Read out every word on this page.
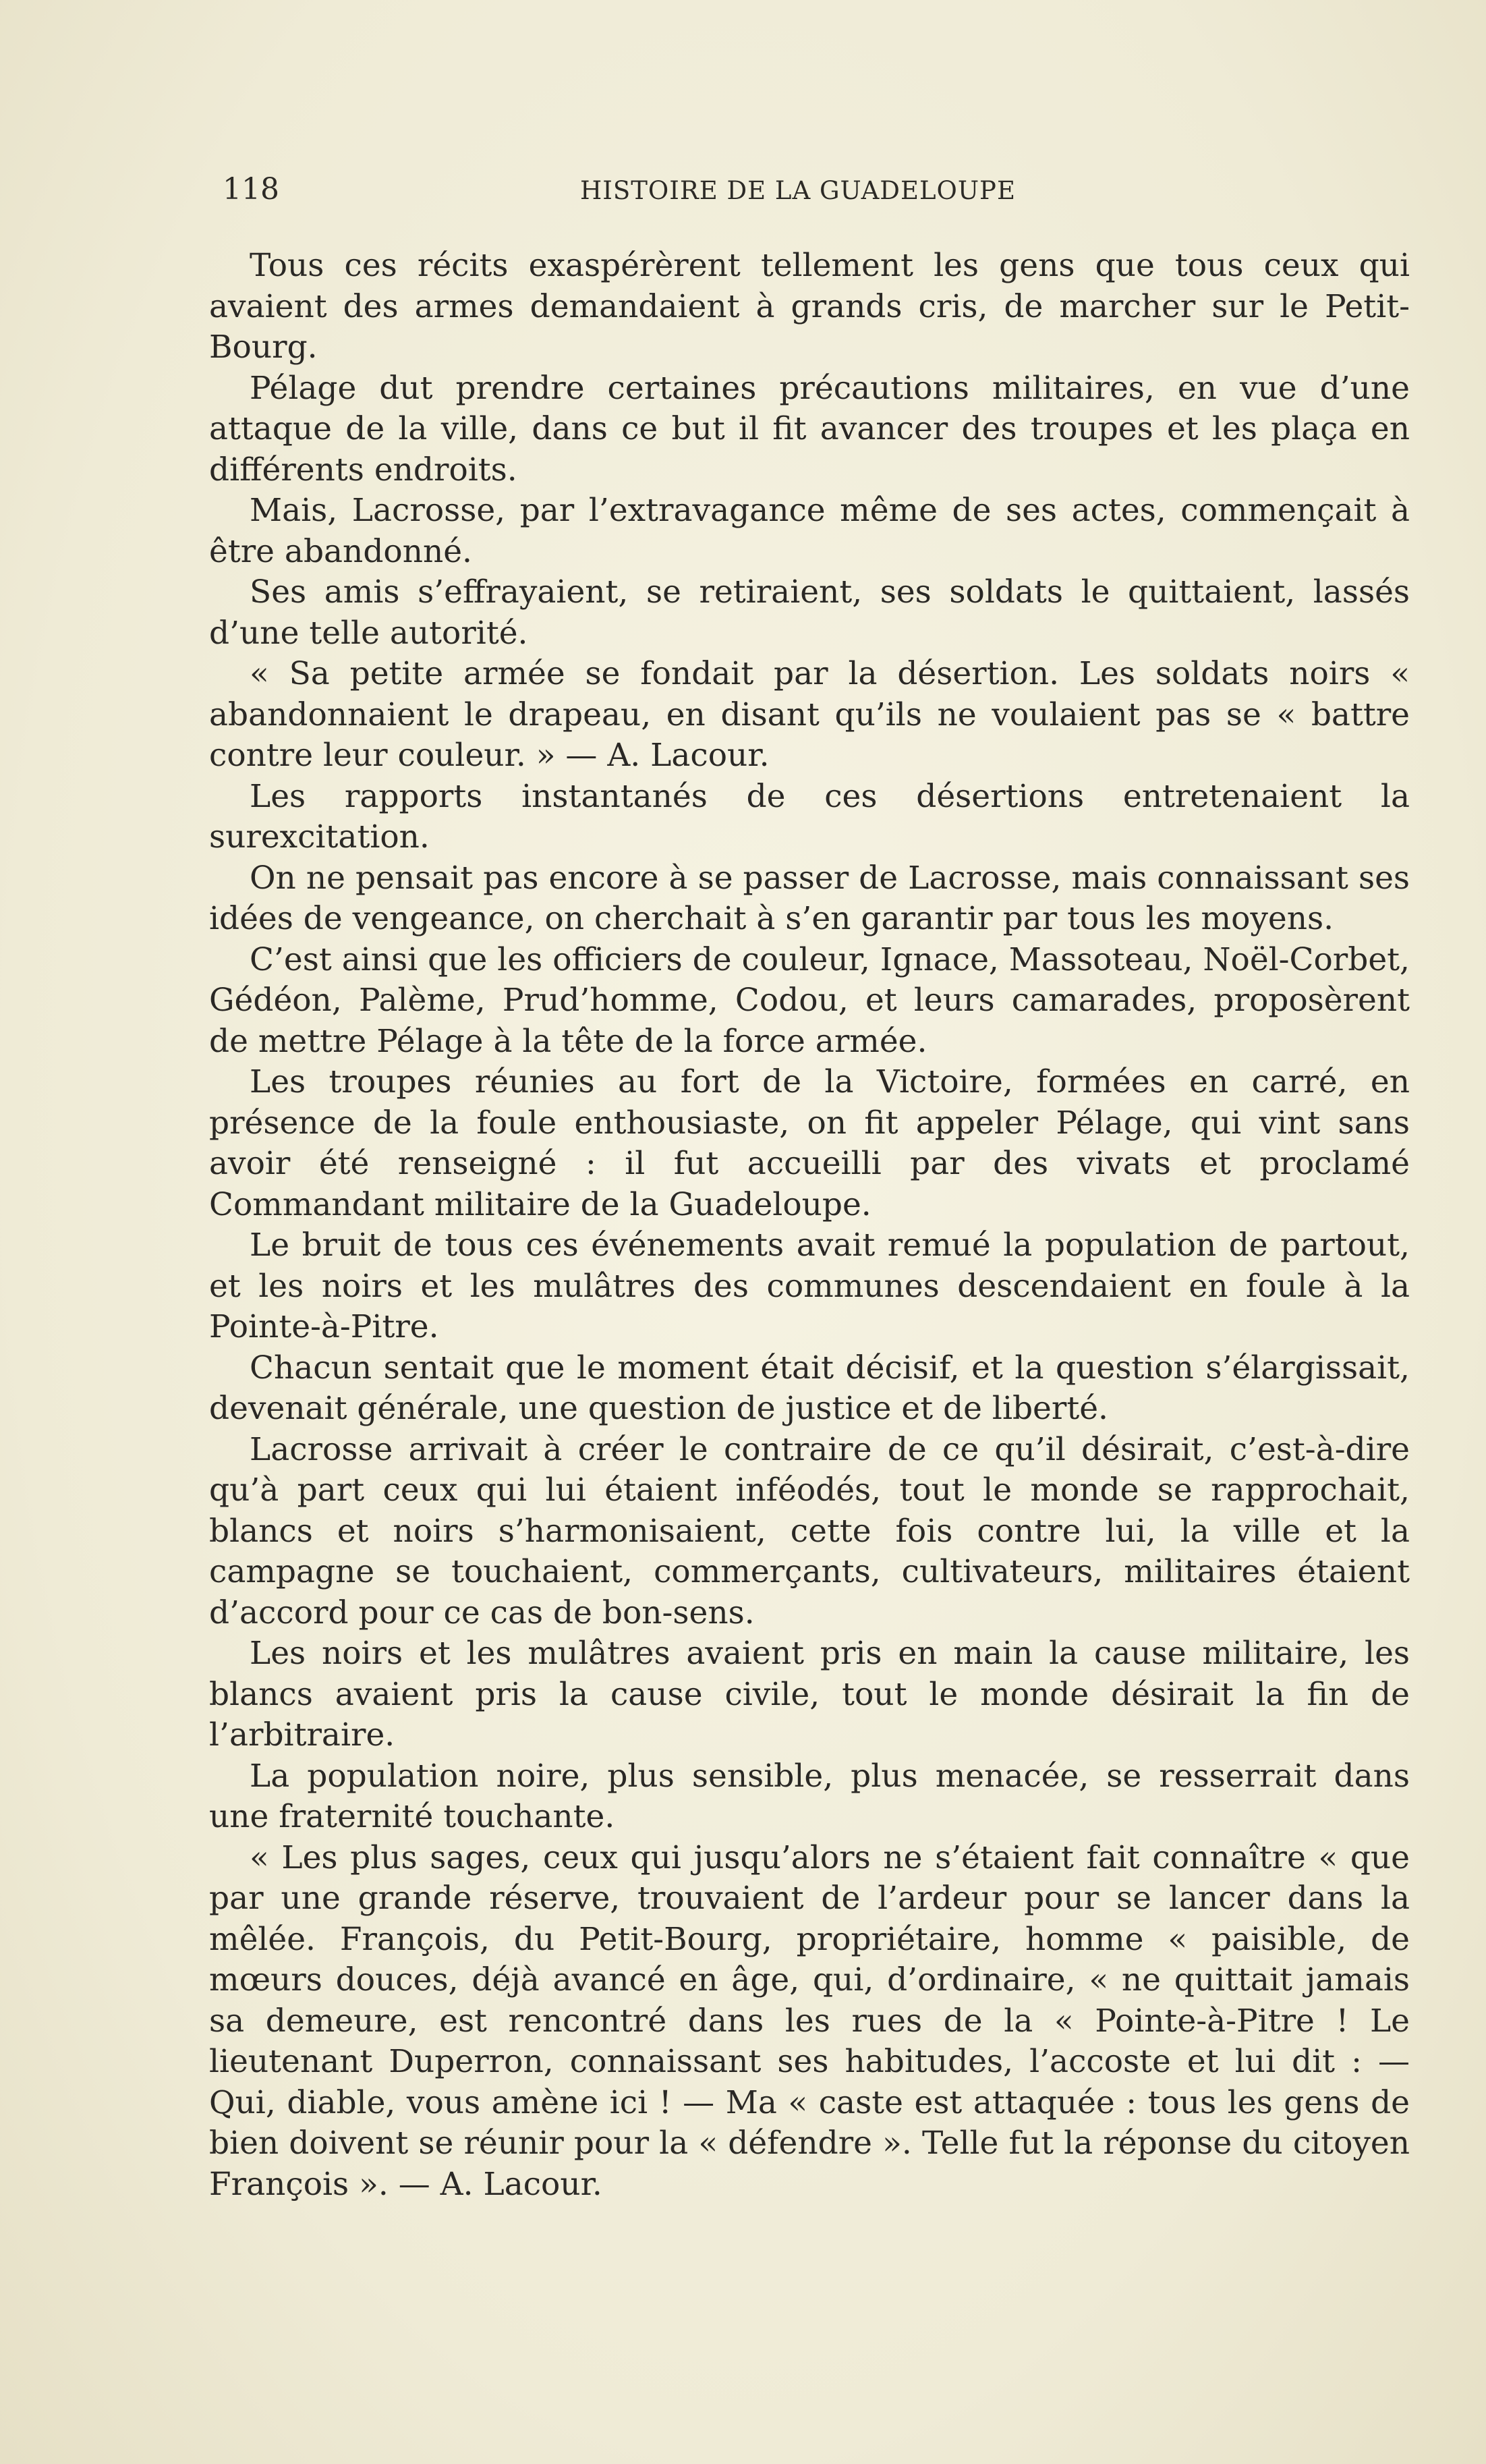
118	HISTOIRE DE LA GUADELOUPE

Tous ces récits exaspérèrent tellement les gens que tous ceux qui avaient des armes demandaient à grands cris, de marcher sur le Petit-Bourg.

Pélage dut prendre certaines précautions militaires, en vue d’une attaque de la ville, dans ce but il fit avancer des troupes et les plaça en différents endroits.

Mais, Lacrosse, par l’extravagance même de ses actes, commençait à être abandonné.

Ses amis s’effrayaient, se retiraient, ses soldats le quittaient, lassés d’une telle autorité.

« Sa petite armée se fondait par la désertion. Les soldats noirs « abandonnaient le drapeau, en disant qu’ils ne voulaient pas se « battre contre leur couleur. » — A. Lacour.

Les rapports instantanés de ces désertions entretenaient la surexcitation.

On ne pensait pas encore à se passer de Lacrosse, mais connaissant ses idées de vengeance, on cherchait à s’en garantir par tous les moyens.

C’est ainsi que les officiers de couleur, Ignace, Massoteau, Noël-Corbet, Gédéon, Palème, Prud’homme, Codou, et leurs camarades, proposèrent de mettre Pélage à la tête de la force armée.

Les troupes réunies au fort de la Victoire, formées en carré, en présence de la foule enthousiaste, on fit appeler Pélage, qui vint sans avoir été renseigné : il fut accueilli par des vivats et proclamé Commandant militaire de la Guadeloupe.

Le bruit de tous ces événements avait remué la population de partout, et les noirs et les mulâtres des communes descendaient en foule à la Pointe-à-Pitre.

Chacun sentait que le moment était décisif, et la question s’élargissait, devenait générale, une question de justice et de liberté.

Lacrosse arrivait à créer le contraire de ce qu’il désirait, c’est-à-dire qu’à part ceux qui lui étaient inféodés, tout le monde se rapprochait, blancs et noirs s’harmonisaient, cette fois contre lui, la ville et la campagne se touchaient, commerçants, cultivateurs, militaires étaient d’accord pour ce cas de bon-sens.

Les noirs et les mulâtres avaient pris en main la cause militaire, les blancs avaient pris la cause civile, tout le monde désirait la fin de l’arbitraire.

La population noire, plus sensible, plus menacée, se resserrait dans une fraternité touchante.

« Les plus sages, ceux qui jusqu’alors ne s’étaient fait connaître « que par une grande réserve, trouvaient de l’ardeur pour se lancer dans la mêlée. François, du Petit-Bourg, propriétaire, homme « paisible, de mœurs douces, déjà avancé en âge, qui, d’ordinaire, « ne quittait jamais sa demeure, est rencontré dans les rues de la « Pointe-à-Pitre ! Le lieutenant Duperron, connaissant ses habitudes, l’accoste et lui dit : — Qui, diable, vous amène ici ! — Ma « caste est attaquée : tous les gens de bien doivent se réunir pour la « défendre ». Telle fut la réponse du citoyen François ». — A. Lacour.
